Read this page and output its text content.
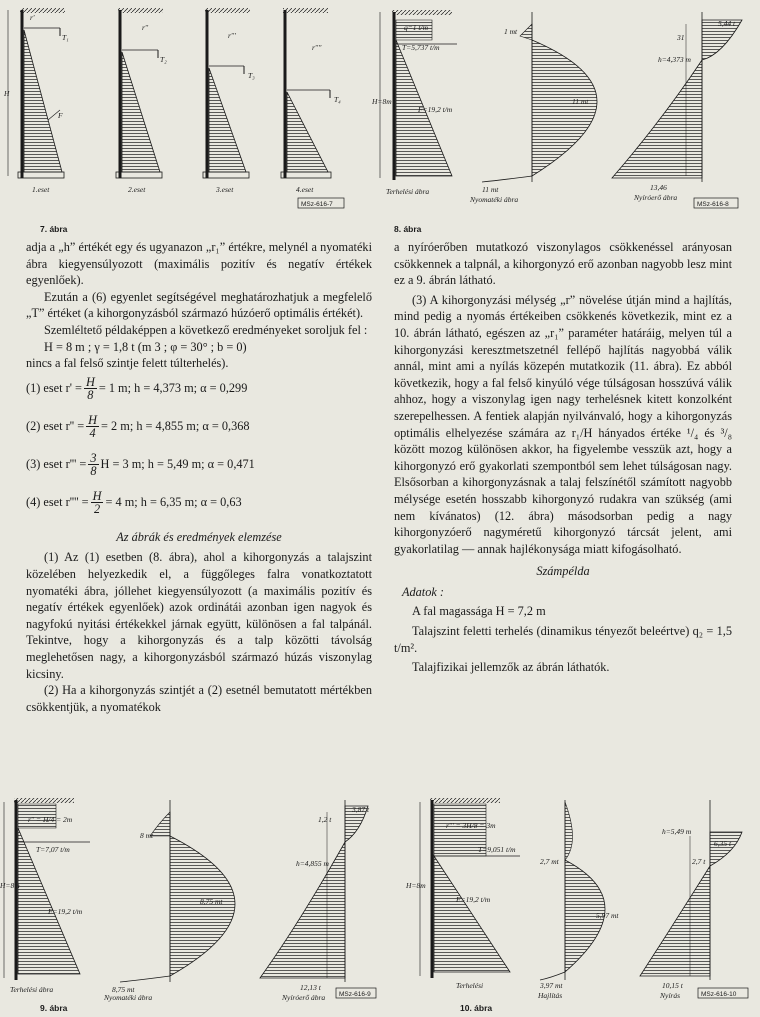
H
F
r'
T₁
1.eset
r''
T₂
2.eset
r'''
T₃
3.eset
r''''
T₄
4.eset
MSz-616-7
7. ábra
q=1 t/m
T=5,737 t/m
F=19,2 t/m
H=8m
Terhelési ábra
1 mt
11 mt
11 mt
Nyomatéki ábra
5,44 t
31
h=4,373 m
13,46
Nyíróerő ábra
MSz-616-8
8. ábra

adja a „h” értékét egy és ugyanazon „r₁” értékre, melynél a nyomatéki ábra kiegyensúlyozott (maximális pozitív és negatív értékek egyenlőek).

Ezután a (6) egyenlet segítségével meghatározhatjuk a megfelelő „T” értéket (a kihorgonyzásból származó húzóerő optimális értékét).

Szemléltető példaképpen a következő eredményeket soroljuk fel :

H = 8 m ; γ = 1,8 t (m 3 ; φ = 30° ; b = 0)

nincs a fal felső szintje felett túlterhelés).

(1) eset $r' = \frac{H}{8} = 1$ m; h = 4,373 m; α = 0,299
(2) eset $r'' = \frac{H}{4} = 2$ m; h = 4,855 m; α = 0,368
(3) eset $r''' = \frac{3}{8}$ H = 3 m; h = 5,49 m; α = 0,471
(4) eset $r'''' = \frac{H}{2} = 4$ m; h = 6,35 m; α = 0,63

Az ábrák és eredmények elemzése

(1) Az (1) esetben (8. ábra), ahol a kihorgonyzás a talajszint közelében helyezkedik el, a függőleges falra vonatkoztatott nyomatéki ábra, jóllehet kiegyensúlyozott (a maximális pozitív és negatív értékek egyenlőek) azok ordinátái azonban igen nagyok és nagyfokú nyitási értékekkel járnak együtt, különösen a fal talpánál. Tekintve, hogy a kihorgonyzás és a talp közötti távolság meglehetősen nagy, a kihorgonyzásból származó húzás viszonylag kicsiny.

(2) Ha a kihorgonyzás szintjét a (2) esetnél bemutatott mértékben csökkentjük, a nyomatékok

a nyíróerőben mutatkozó viszonylagos csökkenéssel arányosan csökkennek a talpnál, a kihorgonyzó erő azonban nagyobb lesz mint ez a 9. ábrán látható.

(3) A kihorgonyzási mélység „r” növelése útján mind a hajlítás, mind pedig a nyomás értékeiben csökkenés következik, mint ez a 10. ábrán látható, egészen az „r₁” paraméter határáig, melyen túl a kihorgonyzási keresztmetszetnél fellépő hajlítás nagyobbá válik annál, mint ami a nyílás közepén mutatkozik (11. ábra). Ez abból következik, hogy a fal felső kinyúló vége túlságosan hosszúvá válik ahhoz, hogy a viszonylag igen nagy terhelésnek kitett konzolként szerepelhessen. A fentiek alapján nyilvánvaló, hogy a kihorgonyzás optimális elhelyezése számára az r₁/H hányados értéke ¹/₄ és ³/₈ között mozog különösen akkor, ha figyelembe vesszük azt, hogy a kihorgonyzó erő gyakorlati szempontból sem lehet túlságosan nagy. Elsősorban a kihorgonyzásnak a talaj felszínétől számított nagyobb mélysége esetén hosszabb kihorgonyzó rudakra van szükség (ami nem kívánatos) (12. ábra) másodsorban pedig a nagy kihorgonyzóerő nagyméretű kihorgonyzó tárcsát jelent, ami gyakorlatilag — annak hajlékonysága miatt kifogásolható.

Számpélda

Adatok :

A fal magassága H = 7,2 m

Talajszint feletti terhelés (dinamikus tényezőt beleértve) q₂ = 1,5 t/m².

Talajfizikai jellemzők az ábrán láthatók.

r'' = H/4 = 2m
T=7,07 t/m
F=19,2 t/m
H=8m
Terhelési ábra
8 mt
8,75 mt
8,75 mt
Nyomatéki ábra
1,2 t
3,87 t
h=4,855 m
12,13 t
Nyíróerő ábra MSz-616-9
9. ábra
r''' = 3H/8 = 3m
T=9,051 t/m
F=19,2 t/m
H=8m
Terhelési
2,7 mt
5,97 mt
3,97 mt
Hajlítás
h=5,49 m
6,35 t
2,7 t
10,15 t
Nyírás	MSz-616-10
10. ábra
